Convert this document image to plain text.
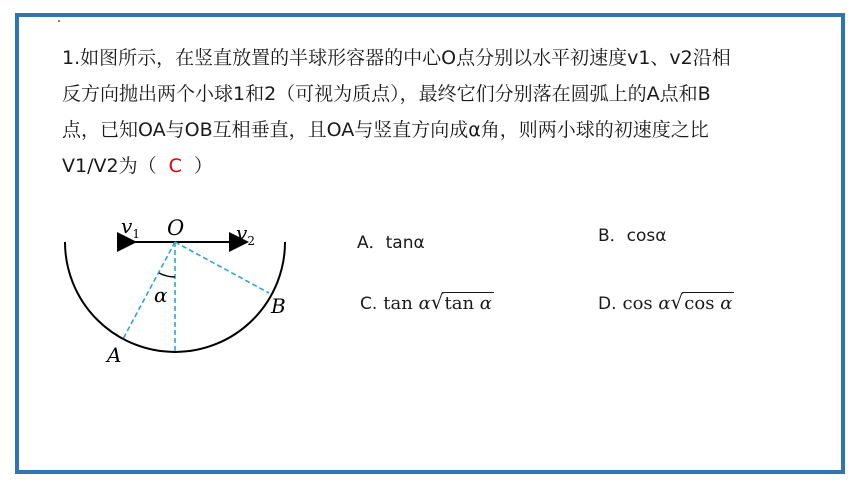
1.如图所示，在竖直放置的半球形容器的中心O点分别以水平初速度v1、v2沿相
反方向抛出两个小球1和2（可视为质点），最终它们分别落在圆弧上的A点和B
点，已知OA与OB互相垂直，且OA与竖直方向成α角，则两小球的初速度之比
V1/V2为（ C ）
$v_1$ O	$v_2$
α
A
B
A．tanα	B．cosα
C. tan α√tan α	D. cos α√cos α
